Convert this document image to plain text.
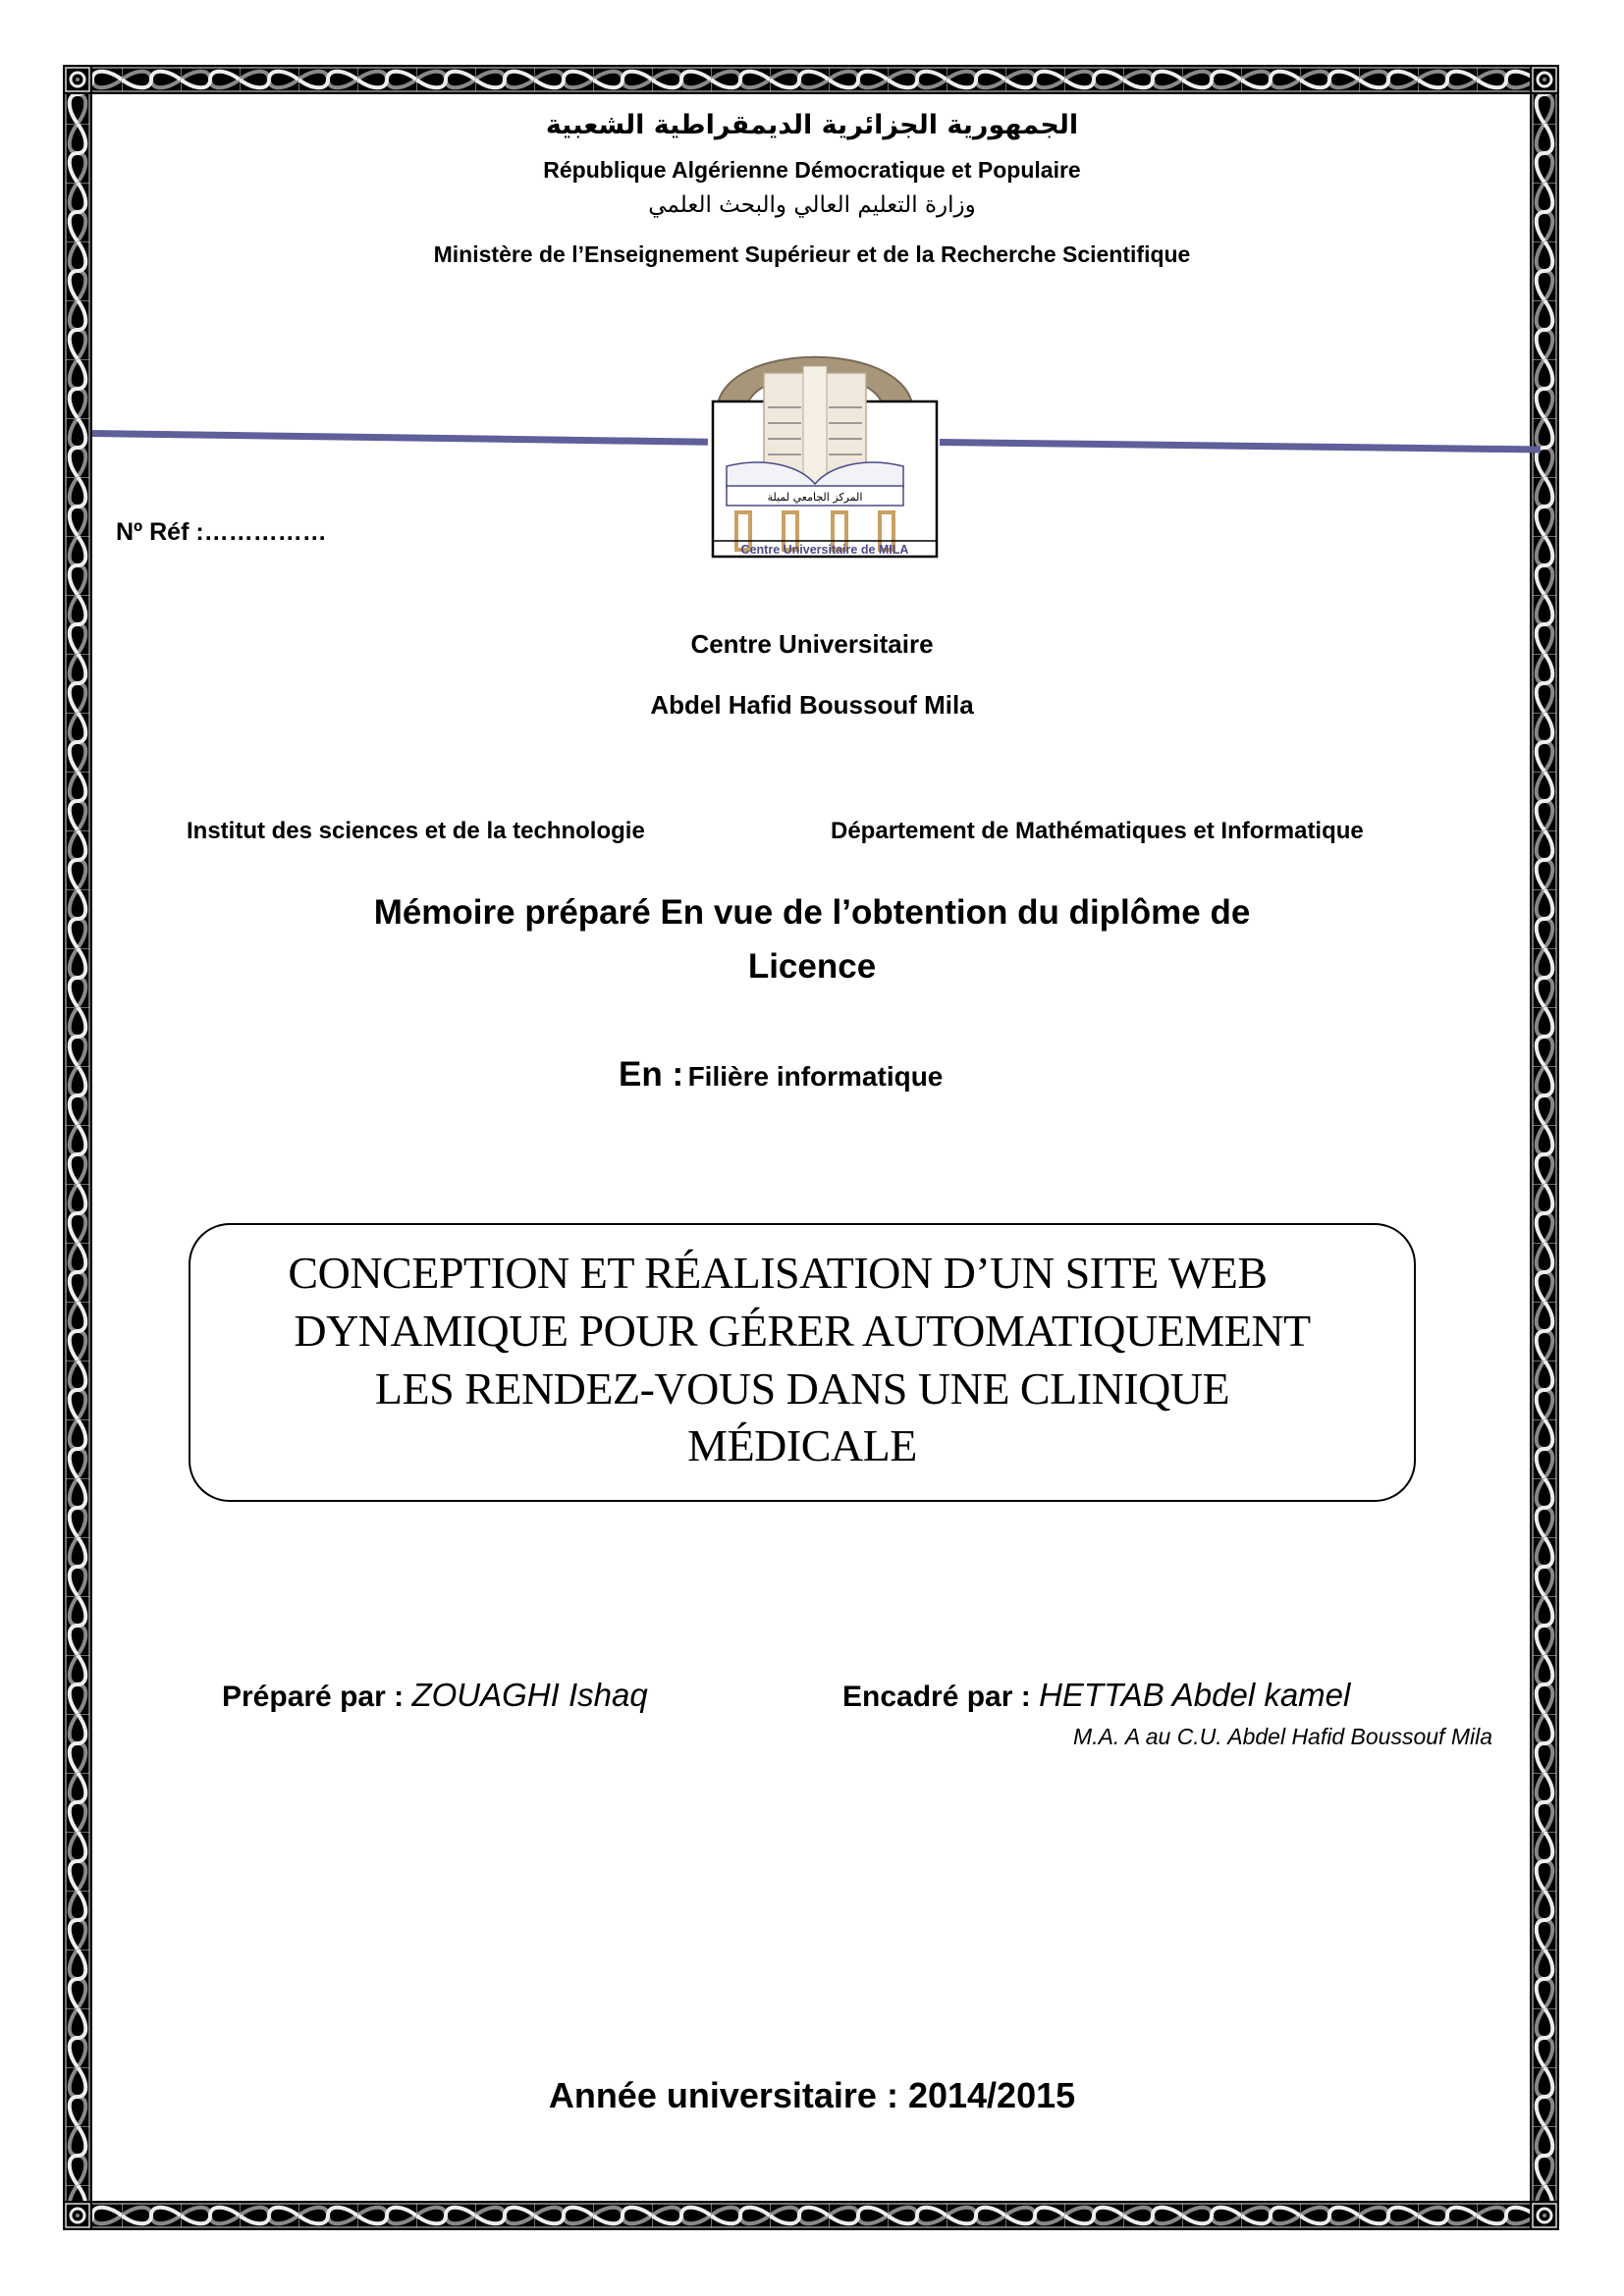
الجمهورية الجزائرية الديمقراطية الشعبية
République Algérienne Démocratique et Populaire
وزارة التعليم العالي والبحث العلمي
Ministère de l’Enseignement Supérieur et de la Recherche Scientifique
المركز الجامعي لميلة
Centre Universitaire de MILA
Nº Réf :……………
Centre Universitaire
Abdel Hafid Boussouf Mila
Institut des sciences et de la technologie	Département de Mathématiques et Informatique
Mémoire préparé En vue de l’obtention du diplôme de
Licence
En : Filière informatique
CONCEPTION ET RÉALISATION D’UN SITE WEB
DYNAMIQUE POUR GÉRER AUTOMATIQUEMENT
LES RENDEZ-VOUS DANS UNE CLINIQUE
MÉDICALE
Préparé par : ZOUAGHI Ishaq	Encadré par : HETTAB Abdel kamel
M.A. A au C.U. Abdel Hafid Boussouf Mila
Année universitaire : 2014/2015
